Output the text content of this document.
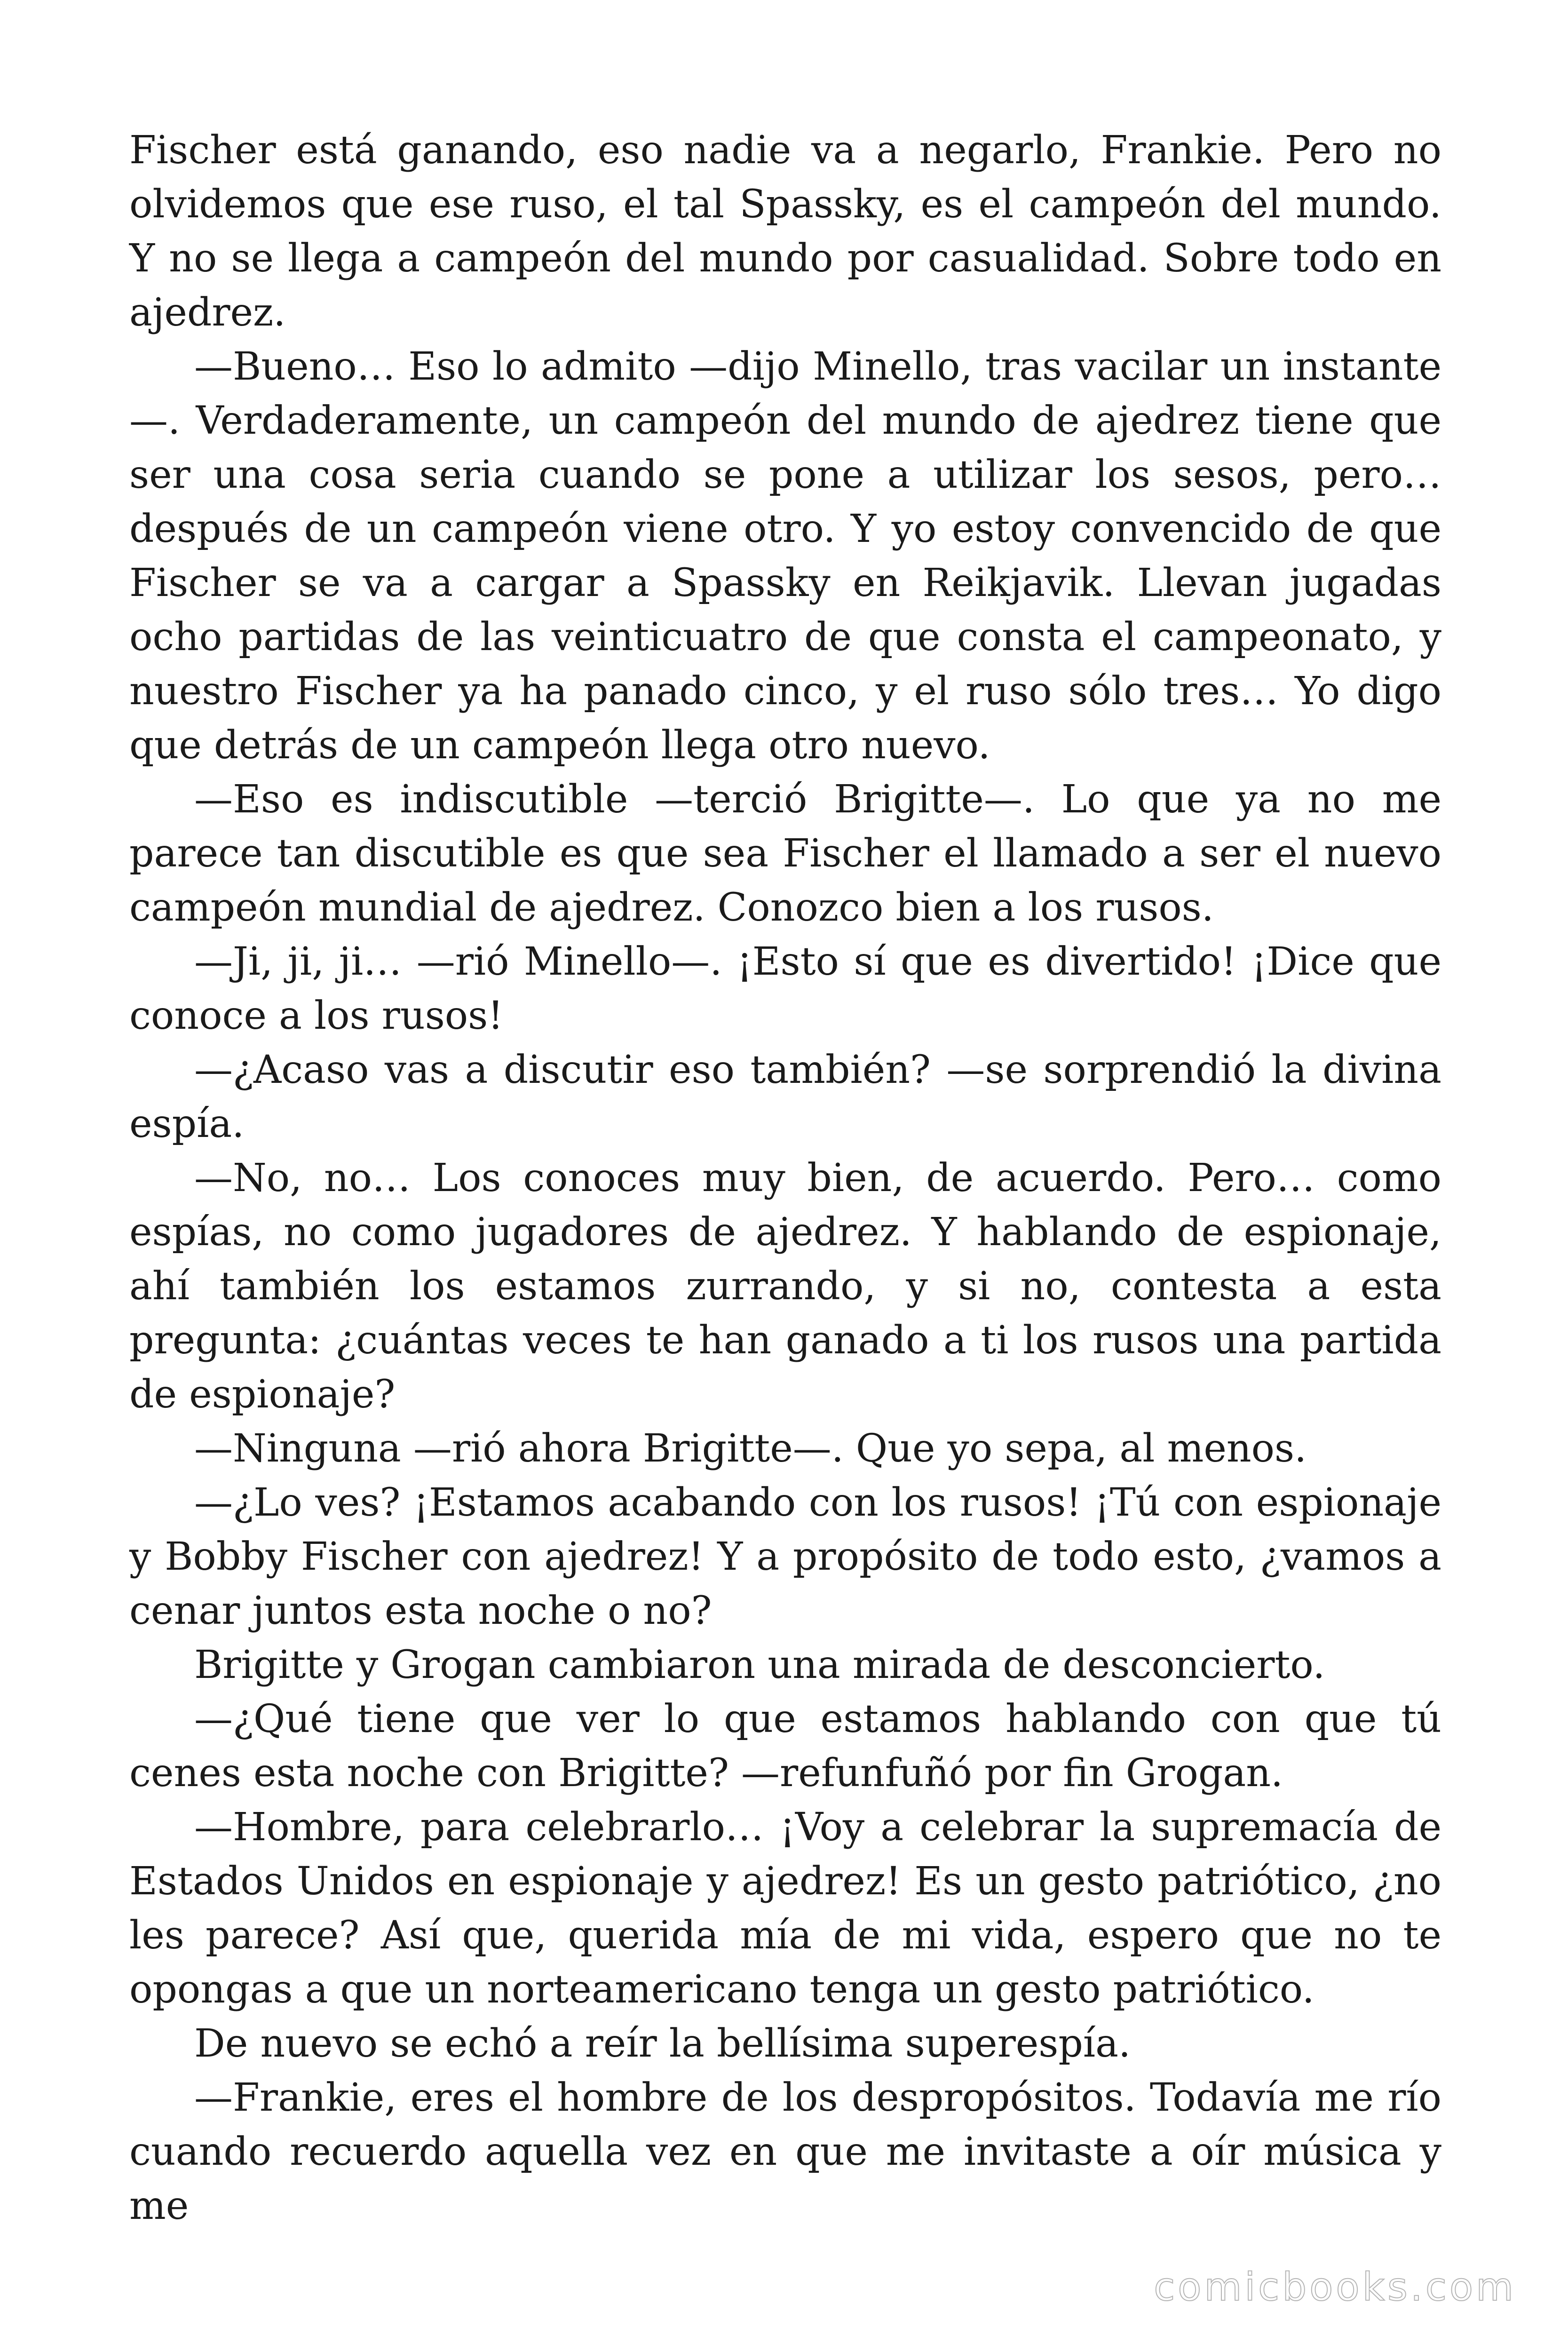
Fischer está ganando, eso nadie va a negarlo, Frankie. Pero no olvidemos que ese ruso, el tal Spassky, es el campeón del mundo. Y no se llega a campeón del mundo por casualidad. Sobre todo en ajedrez.

—Bueno… Eso lo admito —dijo Minello, tras vacilar un instante —. Verdaderamente, un campeón del mundo de ajedrez tiene que ser una cosa seria cuando se pone a utilizar los sesos, pero… después de un campeón viene otro. Y yo estoy convencido de que Fischer se va a cargar a Spassky en Reikjavik. Llevan jugadas ocho partidas de las veinticuatro de que consta el campeonato, y nuestro Fischer ya ha panado cinco, y el ruso sólo tres… Yo digo que detrás de un campeón llega otro nuevo.

—Eso es indiscutible —terció Brigitte—. Lo que ya no me parece tan discutible es que sea Fischer el llamado a ser el nuevo campeón mundial de ajedrez. Conozco bien a los rusos.

—Ji, ji, ji… —rió Minello—. ¡Esto sí que es divertido! ¡Dice que conoce a los rusos!

—¿Acaso vas a discutir eso también? —se sorprendió la divina espía.

—No, no… Los conoces muy bien, de acuerdo. Pero… como espías, no como jugadores de ajedrez. Y hablando de espionaje, ahí también los estamos zurrando, y si no, contesta a esta pregunta: ¿cuántas veces te han ganado a ti los rusos una partida de espionaje?

—Ninguna —rió ahora Brigitte—. Que yo sepa, al menos.

—¿Lo ves? ¡Estamos acabando con los rusos! ¡Tú con espionaje y Bobby Fischer con ajedrez! Y a propósito de todo esto, ¿vamos a cenar juntos esta noche o no?

Brigitte y Grogan cambiaron una mirada de desconcierto.

—¿Qué tiene que ver lo que estamos hablando con que tú cenes esta noche con Brigitte? —refunfuñó por fin Grogan.

—Hombre, para celebrarlo… ¡Voy a celebrar la supremacía de Estados Unidos en espionaje y ajedrez! Es un gesto patriótico, ¿no les parece? Así que, querida mía de mi vida, espero que no te opongas a que un norteamericano tenga un gesto patriótico.

De nuevo se echó a reír la bellísima superespía.

—Frankie, eres el hombre de los despropósitos. Todavía me río cuando recuerdo aquella vez en que me invitaste a oír música y me

comicbooks.com
